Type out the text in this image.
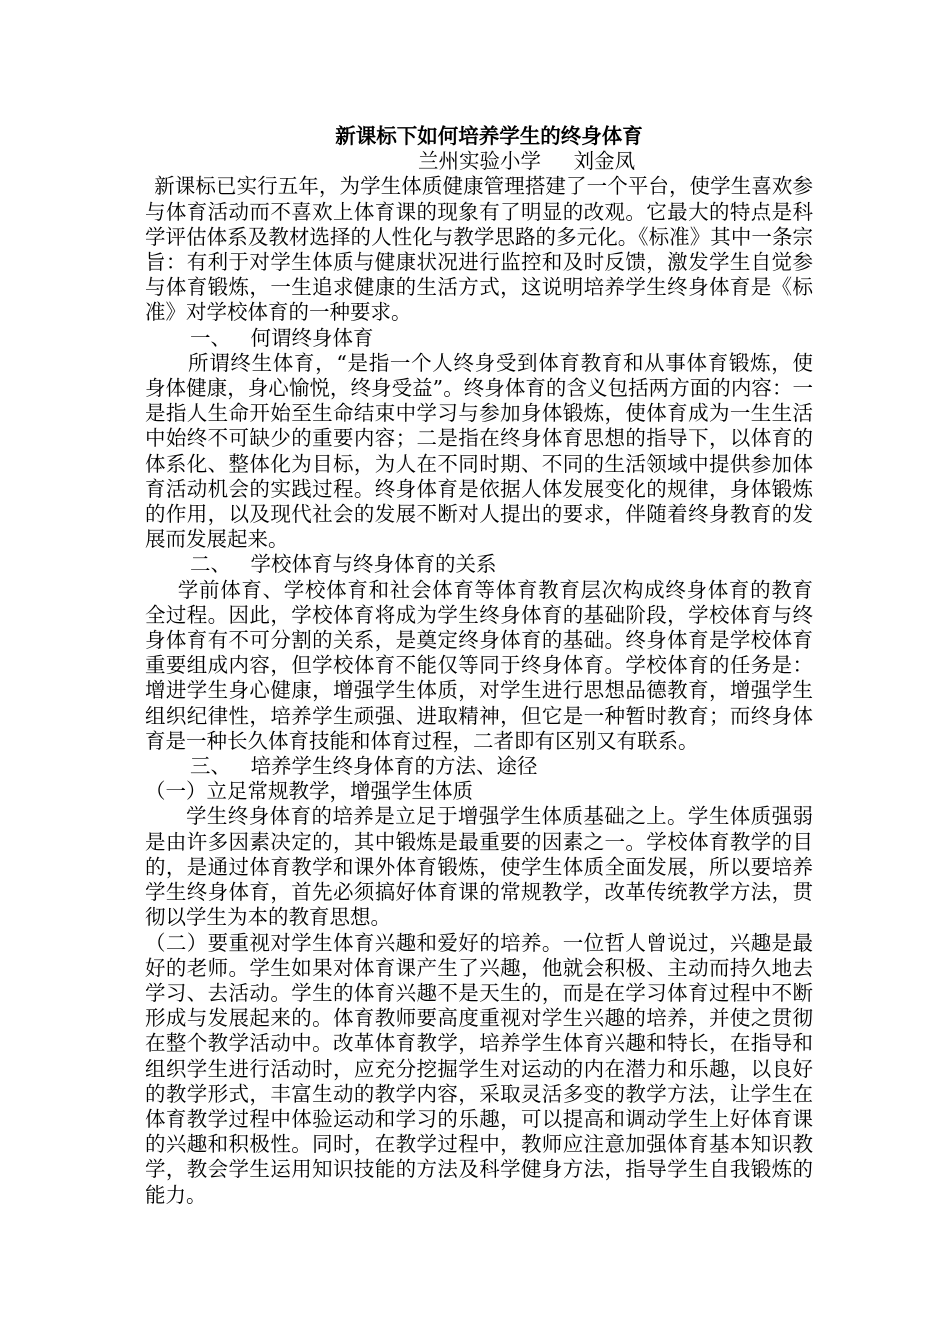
新课标下如何培养学生的终身体育
兰州实验小学     刘金凤

新课标已实行五年，为学生体质健康管理搭建了一个平台，使学生喜欢参与体育活动而不喜欢上体育课的现象有了明显的改观。它最大的特点是科学评估体系及教材选择的人性化与教学思路的多元化。《标准》其中一条宗旨：有利于对学生体质与健康状况进行监控和及时反馈，激发学生自觉参与体育锻炼，一生追求健康的生活方式，这说明培养学生终身体育是《标准》对学校体育的一种要求。

一、   何谓终身体育

所谓终生体育，“是指一个人终身受到体育教育和从事体育锻炼，使身体健康，身心愉悦，终身受益”。终身体育的含义包括两方面的内容：一是指人生命开始至生命结束中学习与参加身体锻炼，使体育成为一生生活中始终不可缺少的重要内容；二是指在终身体育思想的指导下，以体育的体系化、整体化为目标，为人在不同时期、不同的生活领域中提供参加体育活动机会的实践过程。终身体育是依据人体发展变化的规律，身体锻炼的作用，以及现代社会的发展不断对人提出的要求，伴随着终身教育的发展而发展起来。

二、   学校体育与终身体育的关系

学前体育、学校体育和社会体育等体育教育层次构成终身体育的教育全过程。因此，学校体育将成为学生终身体育的基础阶段，学校体育与终身体育有不可分割的关系，是奠定终身体育的基础。终身体育是学校体育重要组成内容，但学校体育不能仅等同于终身体育。学校体育的任务是：增进学生身心健康，增强学生体质，对学生进行思想品德教育，增强学生组织纪律性，培养学生顽强、进取精神，但它是一种暂时教育；而终身体育是一种长久体育技能和体育过程，二者即有区别又有联系。

三、   培养学生终身体育的方法、途径

（一）立足常规教学，增强学生体质

学生终身体育的培养是立足于增强学生体质基础之上。学生体质强弱是由许多因素决定的，其中锻炼是最重要的因素之一。学校体育教学的目的，是通过体育教学和课外体育锻炼，使学生体质全面发展，所以要培养学生终身体育，首先必须搞好体育课的常规教学，改革传统教学方法，贯彻以学生为本的教育思想。

（二）要重视对学生体育兴趣和爱好的培养。一位哲人曾说过，兴趣是最好的老师。学生如果对体育课产生了兴趣，他就会积极、主动而持久地去学习、去活动。学生的体育兴趣不是天生的，而是在学习体育过程中不断形成与发展起来的。体育教师要高度重视对学生兴趣的培养，并使之贯彻在整个教学活动中。改革体育教学，培养学生体育兴趣和特长，在指导和组织学生进行活动时，应充分挖掘学生对运动的内在潜力和乐趣，以良好的教学形式，丰富生动的教学内容，采取灵活多变的教学方法，让学生在体育教学过程中体验运动和学习的乐趣，可以提高和调动学生上好体育课的兴趣和积极性。同时，在教学过程中，教师应注意加强体育基本知识教学，教会学生运用知识技能的方法及科学健身方法，指导学生自我锻炼的能力。
